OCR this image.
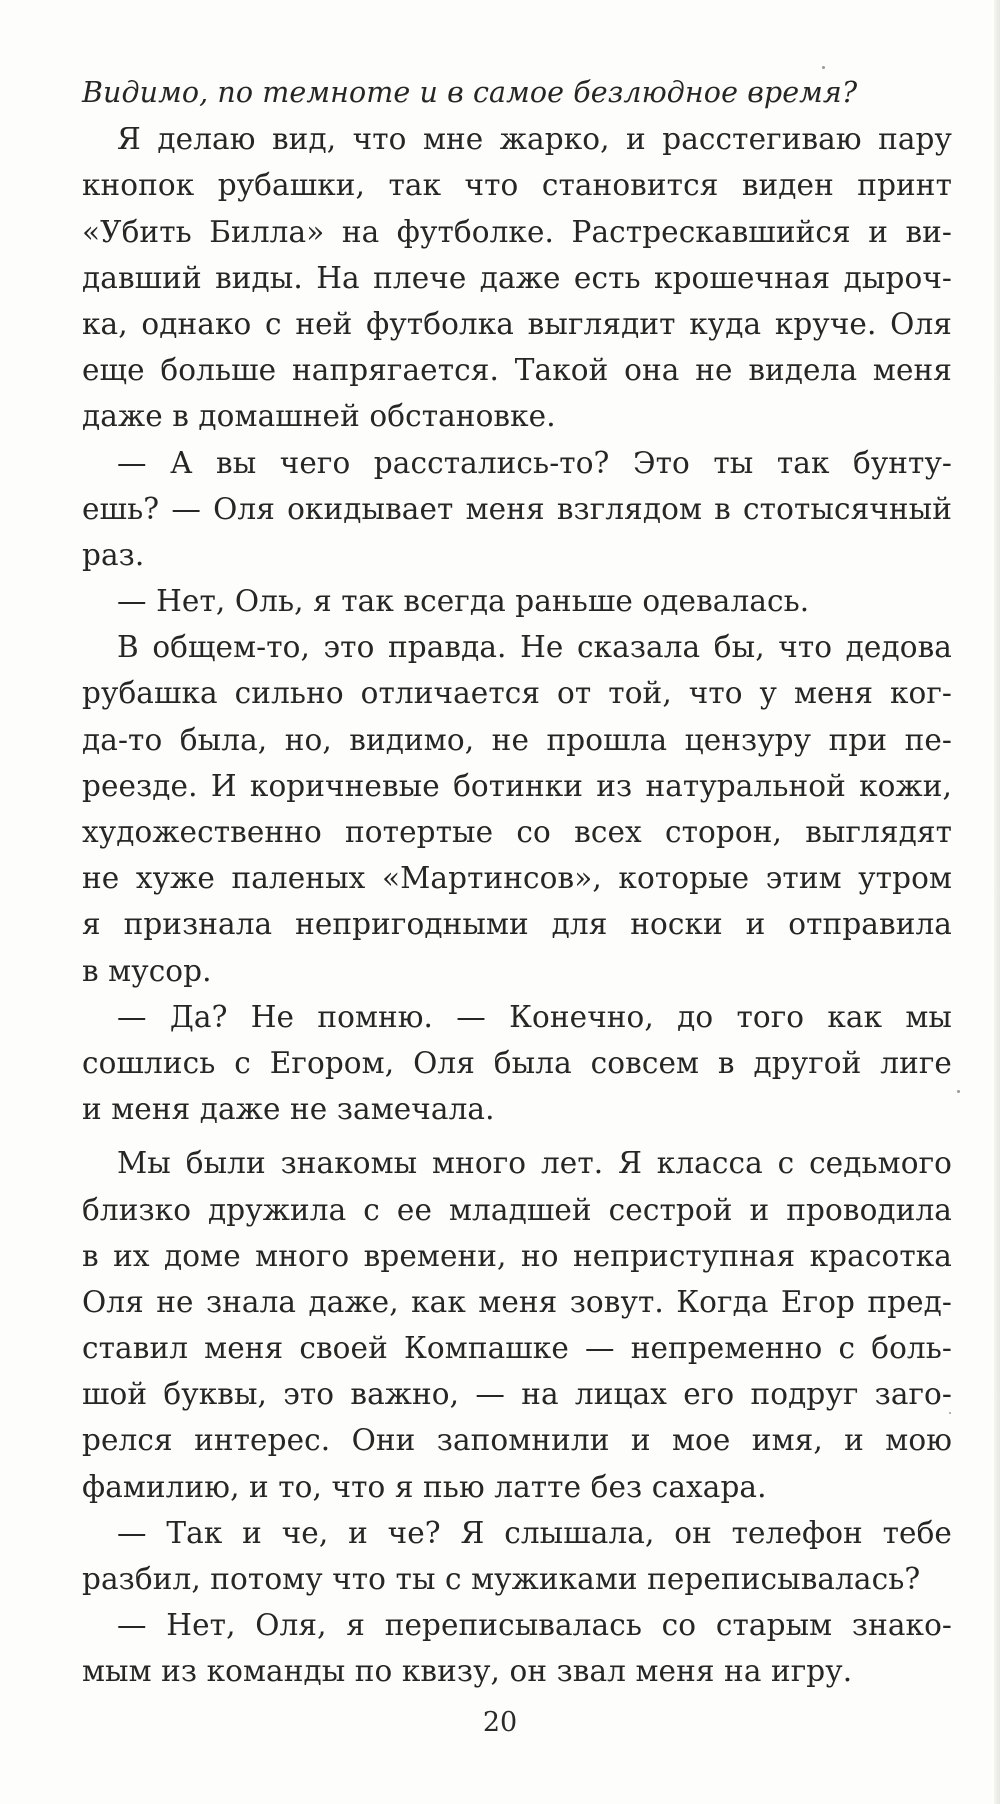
Видимо, по темноте и в самое безлюдное время?
Я делаю вид, что мне жарко, и расстегиваю пару
кнопок рубашки, так что становится виден принт
«Убить Билла» на футболке. Растрескавшийся и ви-
давший виды. На плече даже есть крошечная дыроч-
ка, однако с ней футболка выглядит куда круче. Оля
еще больше напрягается. Такой она не видела меня
даже в домашней обстановке.
— А вы чего расстались-то? Это ты так бунту-
ешь? — Оля окидывает меня взглядом в стотысячный
раз.
— Нет, Оль, я так всегда раньше одевалась.
В общем-то, это правда. Не сказала бы, что дедова
рубашка сильно отличается от той, что у меня ког-
да-то была, но, видимо, не прошла цензуру при пе-
реезде. И коричневые ботинки из натуральной кожи,
художественно потертые со всех сторон, выглядят
не хуже паленых «Мартинсов», которые этим утром
я признала непригодными для носки и отправила
в мусор.
— Да? Не помню. — Конечно, до того как мы
сошлись с Егором, Оля была совсем в другой лиге
и меня даже не замечала.
Мы были знакомы много лет. Я класса с седьмого
близко дружила с ее младшей сестрой и проводила
в их доме много времени, но неприступная красотка
Оля не знала даже, как меня зовут. Когда Егор пред-
ставил меня своей Компашке — непременно с боль-
шой буквы, это важно, — на лицах его подруг заго-
релся интерес. Они запомнили и мое имя, и мою
фамилию, и то, что я пью латте без сахара.
— Так и че, и че? Я слышала, он телефон тебе
разбил, потому что ты с мужиками переписывалась?
— Нет, Оля, я переписывалась со старым знако-
мым из команды по квизу, он звал меня на игру.
20
